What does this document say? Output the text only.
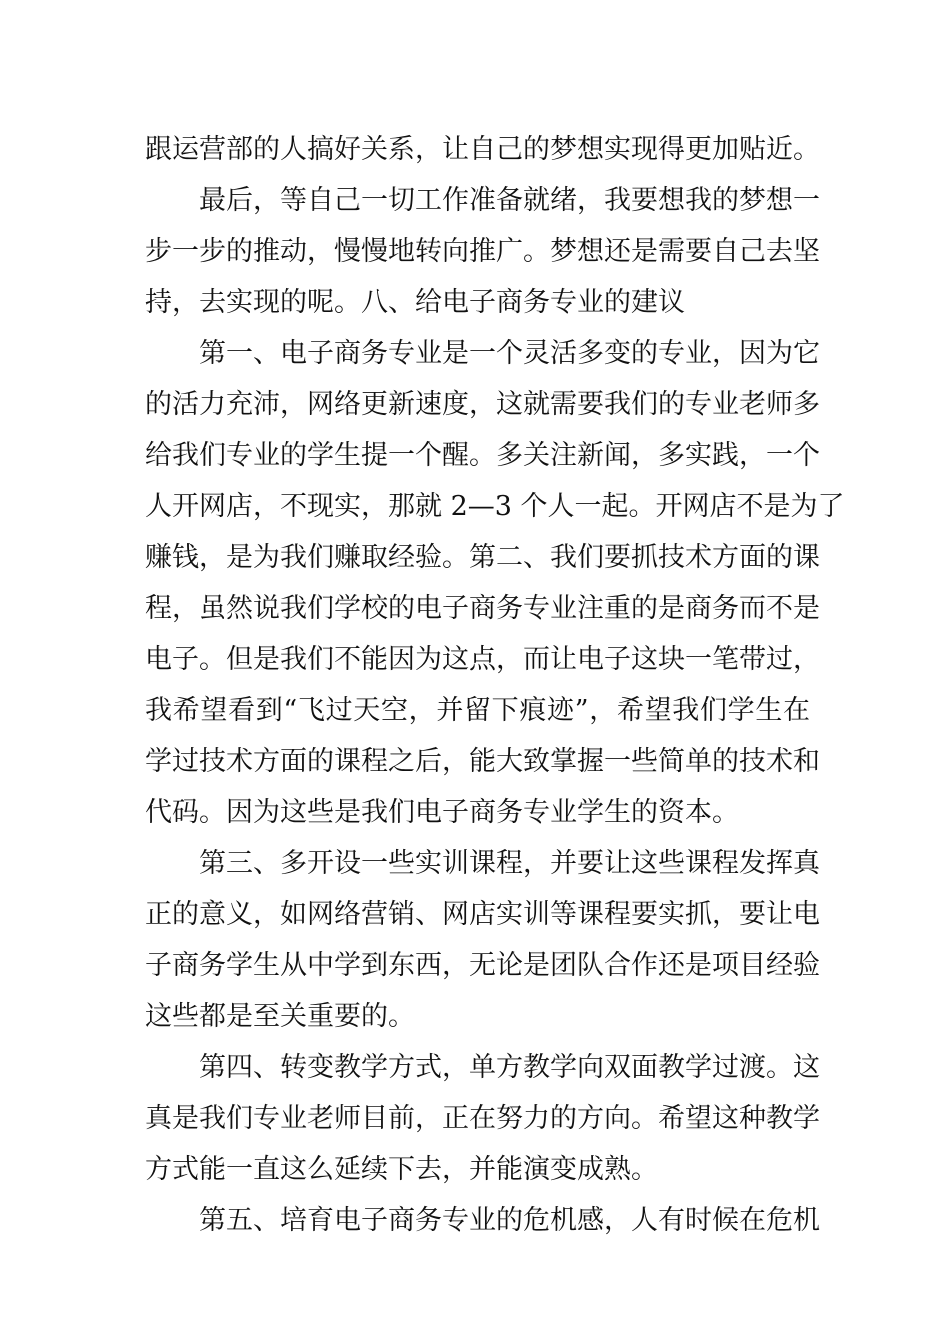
跟运营部的人搞好关系，让自己的梦想实现得更加贴近。
最后，等自己一切工作准备就绪，我要想我的梦想一
步一步的推动，慢慢地转向推广。梦想还是需要自己去坚
持，去实现的呢。八、给电子商务专业的建议
第一、电子商务专业是一个灵活多变的专业，因为它
的活力充沛，网络更新速度，这就需要我们的专业老师多
给我们专业的学生提一个醒。多关注新闻，多实践，一个
人开网店，不现实，那就 2—3 个人一起。开网店不是为了
赚钱，是为我们赚取经验。第二、我们要抓技术方面的课
程，虽然说我们学校的电子商务专业注重的是商务而不是
电子。但是我们不能因为这点，而让电子这块一笔带过，
我希望看到“飞过天空，并留下痕迹”，希望我们学生在
学过技术方面的课程之后，能大致掌握一些简单的技术和
代码。因为这些是我们电子商务专业学生的资本。
第三、多开设一些实训课程，并要让这些课程发挥真
正的意义，如网络营销、网店实训等课程要实抓，要让电
子商务学生从中学到东西，无论是团队合作还是项目经验
这些都是至关重要的。
第四、转变教学方式，单方教学向双面教学过渡。这
真是我们专业老师目前，正在努力的方向。希望这种教学
方式能一直这么延续下去，并能演变成熟。
第五、培育电子商务专业的危机感，人有时候在危机
